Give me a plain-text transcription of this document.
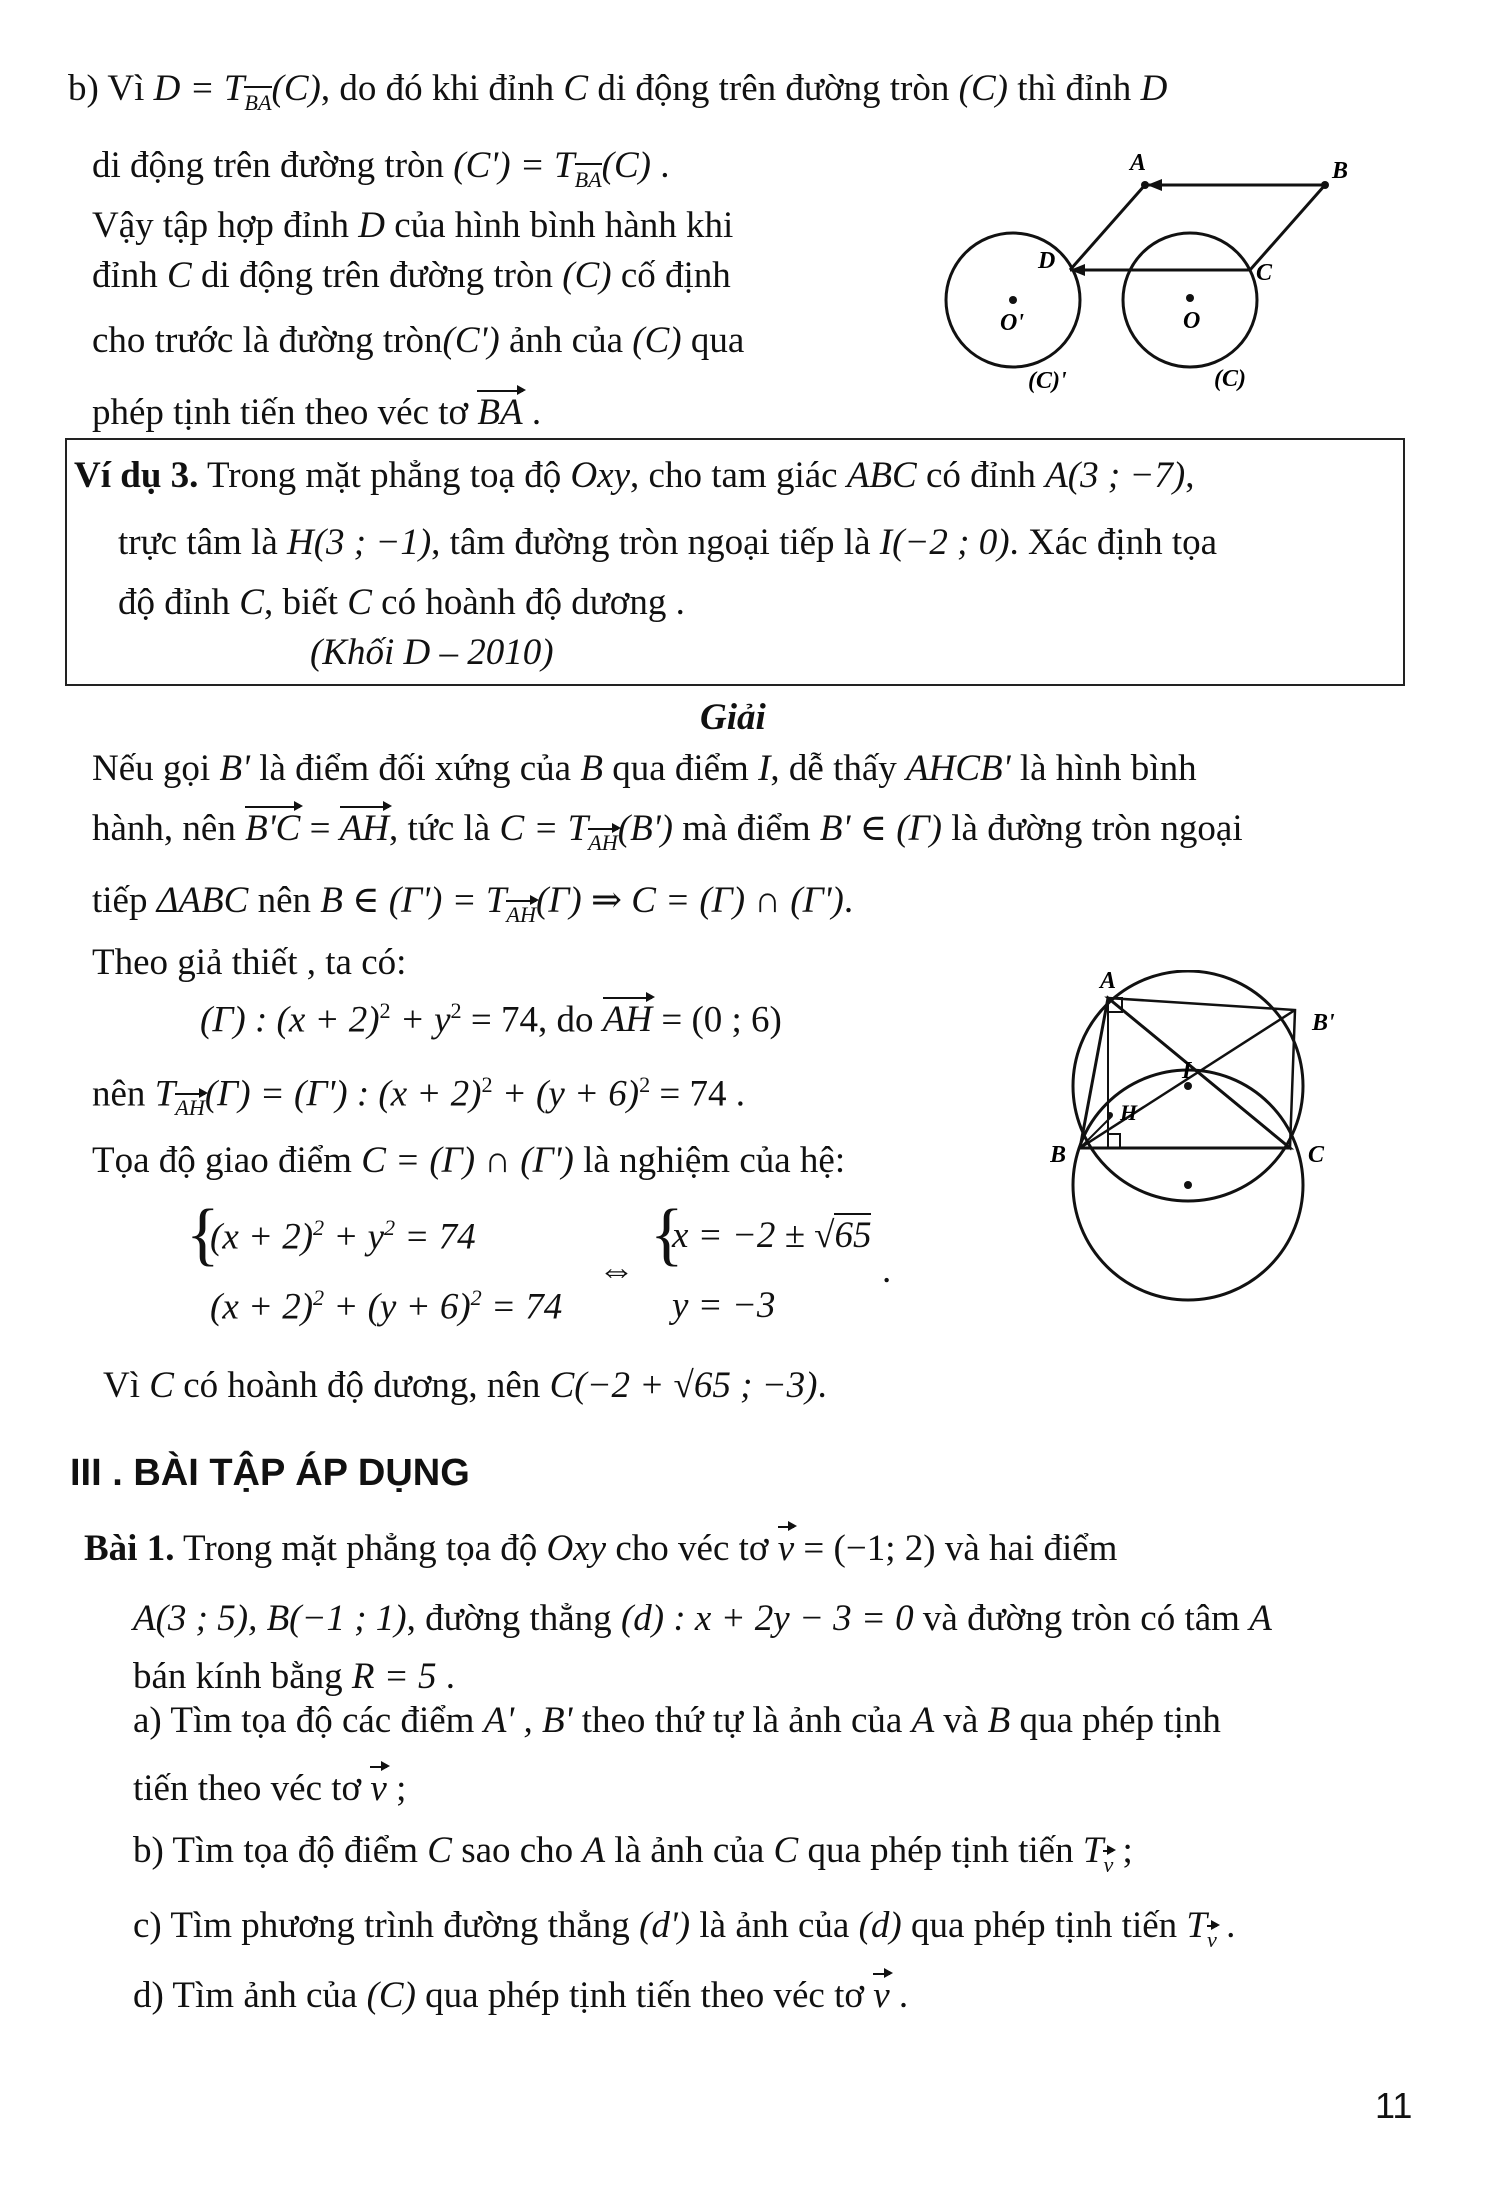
b) Vì D = TBA(C), do đó khi đỉnh C di động trên đường tròn (C) thì đỉnh D
di động trên đường tròn (C') = TBA(C) .
Vậy tập hợp đỉnh D của hình bình hành khi
đỉnh C di động trên đường tròn (C) cố định
cho trước là đường tròn(C') ảnh của (C) qua
phép tịnh tiến theo véc tơ BA .
A	B
C
D
O'	O
(C)'	(C)
Ví dụ 3. Trong mặt phẳng toạ độ Oxy, cho tam giác ABC có đỉnh A(3 ; −7),
trực tâm là H(3 ; −1), tâm đường tròn ngoại tiếp là I(−2 ; 0). Xác định tọa
độ đỉnh C, biết C có hoành độ dương .
(Khối D – 2010)
Giải
Nếu gọi B' là điểm đối xứng của B qua điểm I, dễ thấy AHCB' là hình bình
hành, nên B'C = AH, tức là C = TAH(B') mà điểm B' ∈ (Γ) là đường tròn ngoại
tiếp ΔABC nên B ∈ (Γ') = TAH(Γ) ⇒ C = (Γ) ∩ (Γ').
Theo giả thiết , ta có:
(Γ) : $(x + 2)^2 + y^2 = 74$, do AH = (0 ; 6)
nên TAH(Γ) = (Γ') : $(x + 2)^2 + (y + 6)^2 = 74$ .
Tọa độ giao điểm C = (Γ) ∩ (Γ') là nghiệm của hệ:
{
$(x + 2)^2 + y^2 = 74$
$(x + 2)^2 + (y + 6)^2 = 74$
⇔ {
x = −2 ± √65
y = −3
.
Vì C có hoành độ dương, nên C(−2 + √65 ; −3).
A
B'
B	C
H
I
III . BÀI TẬP ÁP DỤNG
Bài 1. Trong mặt phẳng tọa độ Oxy cho véc tơ v = (−1; 2) và hai điểm
A(3 ; 5), B(−1 ; 1), đường thẳng (d) : x + 2y − 3 = 0 và đường tròn có tâm A
bán kính bằng R = 5 .
a) Tìm tọa độ các điểm A' , B' theo thứ tự là ảnh của A và B qua phép tịnh
tiến theo véc tơ v ;
b) Tìm tọa độ điểm C sao cho A là ảnh của C qua phép tịnh tiến Tv ;
c) Tìm phương trình đường thẳng (d') là ảnh của (d) qua phép tịnh tiến Tv .
d) Tìm ảnh của (C) qua phép tịnh tiến theo véc tơ v .
11
